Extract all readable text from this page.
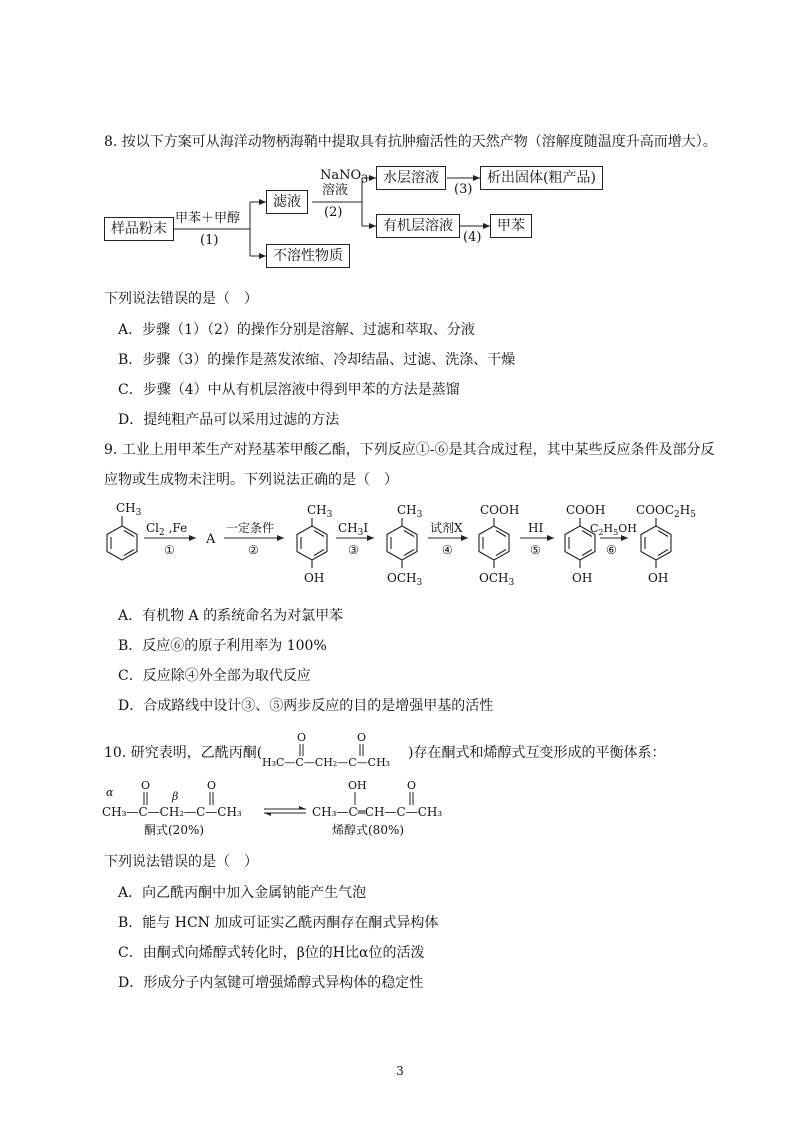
8. 按以下方案可从海洋动物柄海鞘中提取具有抗肿瘤活性的天然产物（溶解度随温度升高而增大）。
样品粉末
滤液
不溶性物质
水层溶液
有机层溶液
析出固体(粗产品)
甲苯
甲苯＋甲醇
(1)
NaNO$_3$
溶液
(2)
(3)
(4)
下列说法错误的是（　）
A．步骤（1）（2）的操作分别是溶解、过滤和萃取、分液
B．步骤（3）的操作是蒸发浓缩、冷却结晶、过滤、洗涤、干燥
C．步骤（4）中从有机层溶液中得到甲苯的方法是蒸馏
D．提纯粗产品可以采用过滤的方法
9. 工业上用甲苯生产对羟基苯甲酸乙酯，下列反应①-⑥是其合成过程，其中某些反应条件及部分反
应物或生成物未注明。下列说法正确的是（　）
$CH_3$
$Cl_2$ ,Fe
①
A
一定条件
②
$CH_3$
OH
$CH_3I$
③
$CH_3$
$OCH_3$
试剂X
④
COOH
$OCH_3$
HI
⑤
COOH
OH
$C_2H_5OH$
⑥
$COOC_2H_5$
OH
A．有机物 A 的系统命名为对氯甲苯
B．反应⑥的原子利用率为 100%
C．反应除④外全部为取代反应
D．合成路线中设计③、⑤两步反应的目的是增强甲基的活性
10. 研究表明，乙酰丙酮(
H₃C—C—CH₂—C—CH₃
O	O
)存在酮式和烯醇式互变形成的平衡体系：
α	β
CH₃—C—CH₂—C—CH₃
O	O
CH₃—C═CH—C—CH₃
OH	O
酮式(20%)	烯醇式(80%)
下列说法错误的是（　）
A．向乙酰丙酮中加入金属钠能产生气泡
B．能与 HCN 加成可证实乙酰丙酮存在酮式异构体
C．由酮式向烯醇式转化时，β位的H比α位的活泼
D．形成分子内氢键可增强烯醇式异构体的稳定性
3
